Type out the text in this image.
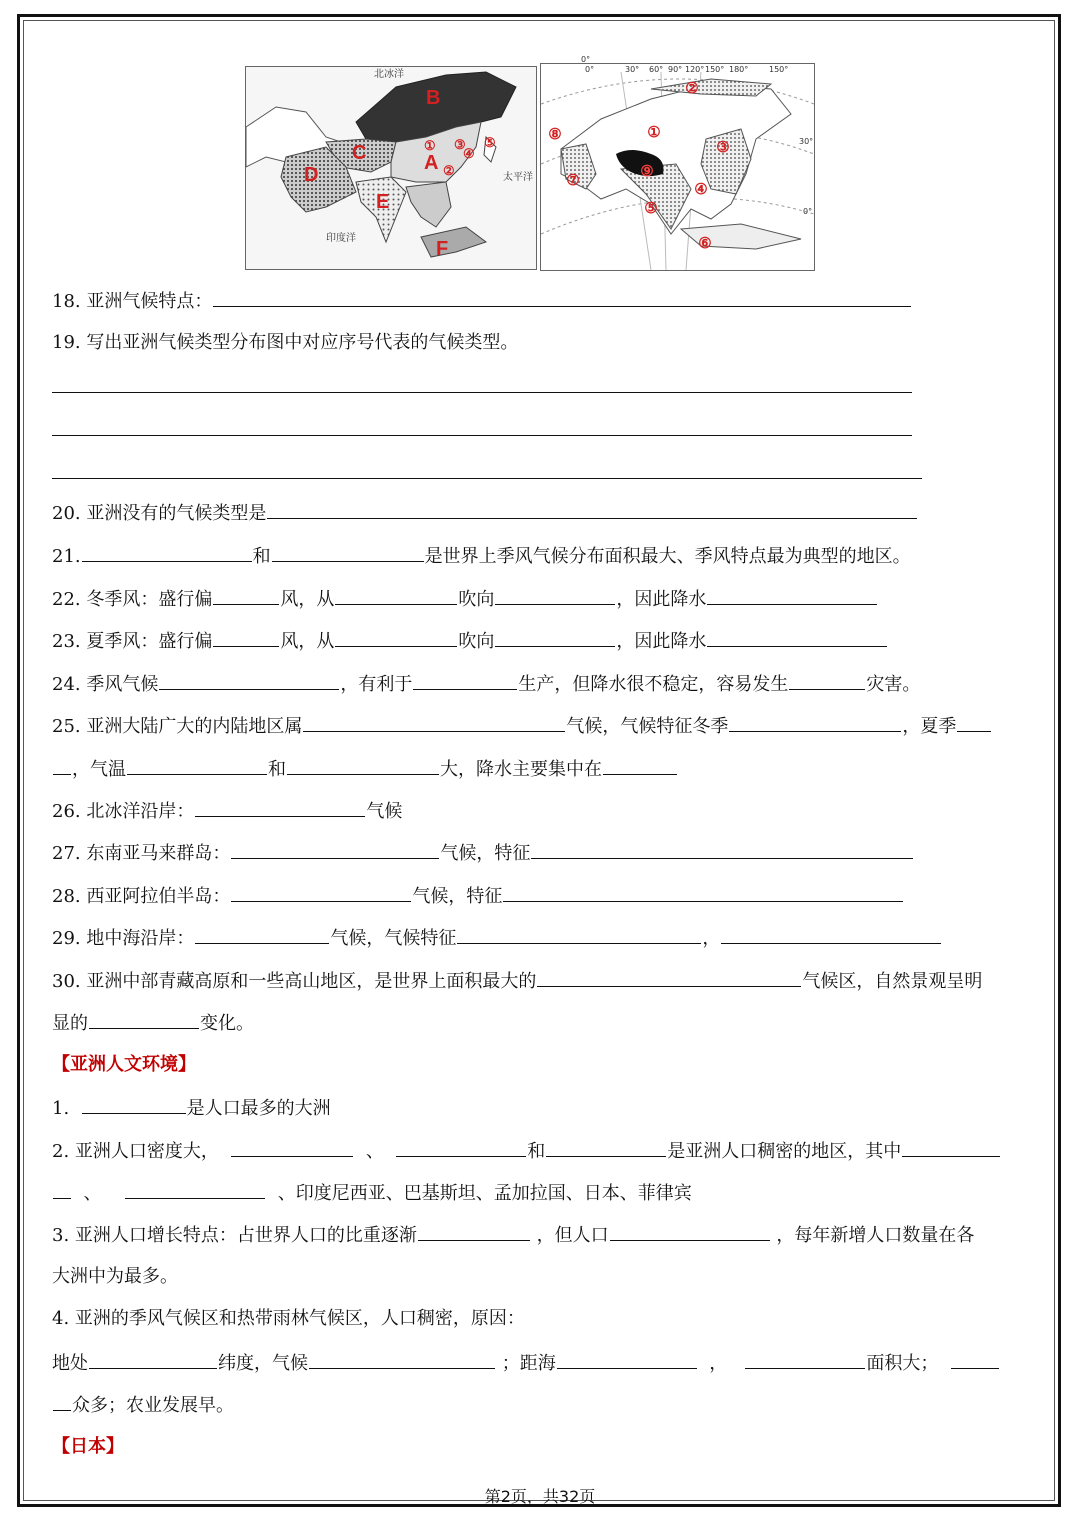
北冰洋
太平洋
印度洋
B
A
C
D
E
F
①
②
③
④
⑤
0°
0°	30° 60° 90° 120° 150° 180°	150°
30°
0°
①
②
③
④
⑤
⑥
⑦
⑧
⑨
18. 亚洲气候特点：
19. 写出亚洲气候类型分布图中对应序号代表的气候类型。
20. 亚洲没有的气候类型是
21.	和	是世界上季风气候分布面积最大、季风特点最为典型的地区。
22. 冬季风：盛行偏	风，从	吹向	，因此降水
23. 夏季风：盛行偏	风，从	吹向	，因此降水
24. 季风气候	，有利于	生产，但降水很不稳定，容易发生	灾害。
25. 亚洲大陆广大的内陆地区属	气候，气候特征冬季	，夏季
，气温	和	大，降水主要集中在
26. 北冰洋沿岸：	气候
27. 东南亚马来群岛：	气候，特征
28. 西亚阿拉伯半岛：	气候，特征
29. 地中海沿岸：	气候，气候特征	，
30. 亚洲中部青藏高原和一些高山地区，是世界上面积最大的	气候区，自然景观呈明
显的	变化。
【亚洲人文环境】
1.	是人口最多的大洲
2. 亚洲人口密度大，	、	和	是亚洲人口稠密的地区，其中
、	、印度尼西亚、巴基斯坦、孟加拉国、日本、菲律宾
3. 亚洲人口增长特点：占世界人口的比重逐渐	，但人口	，每年新增人口数量在各
大洲中为最多。
4. 亚洲的季风气候区和热带雨林气候区，人口稠密，原因：
地处	纬度，气候	；距海	，	面积大；
众多；农业发展早。
【日本】
第2页，共32页
